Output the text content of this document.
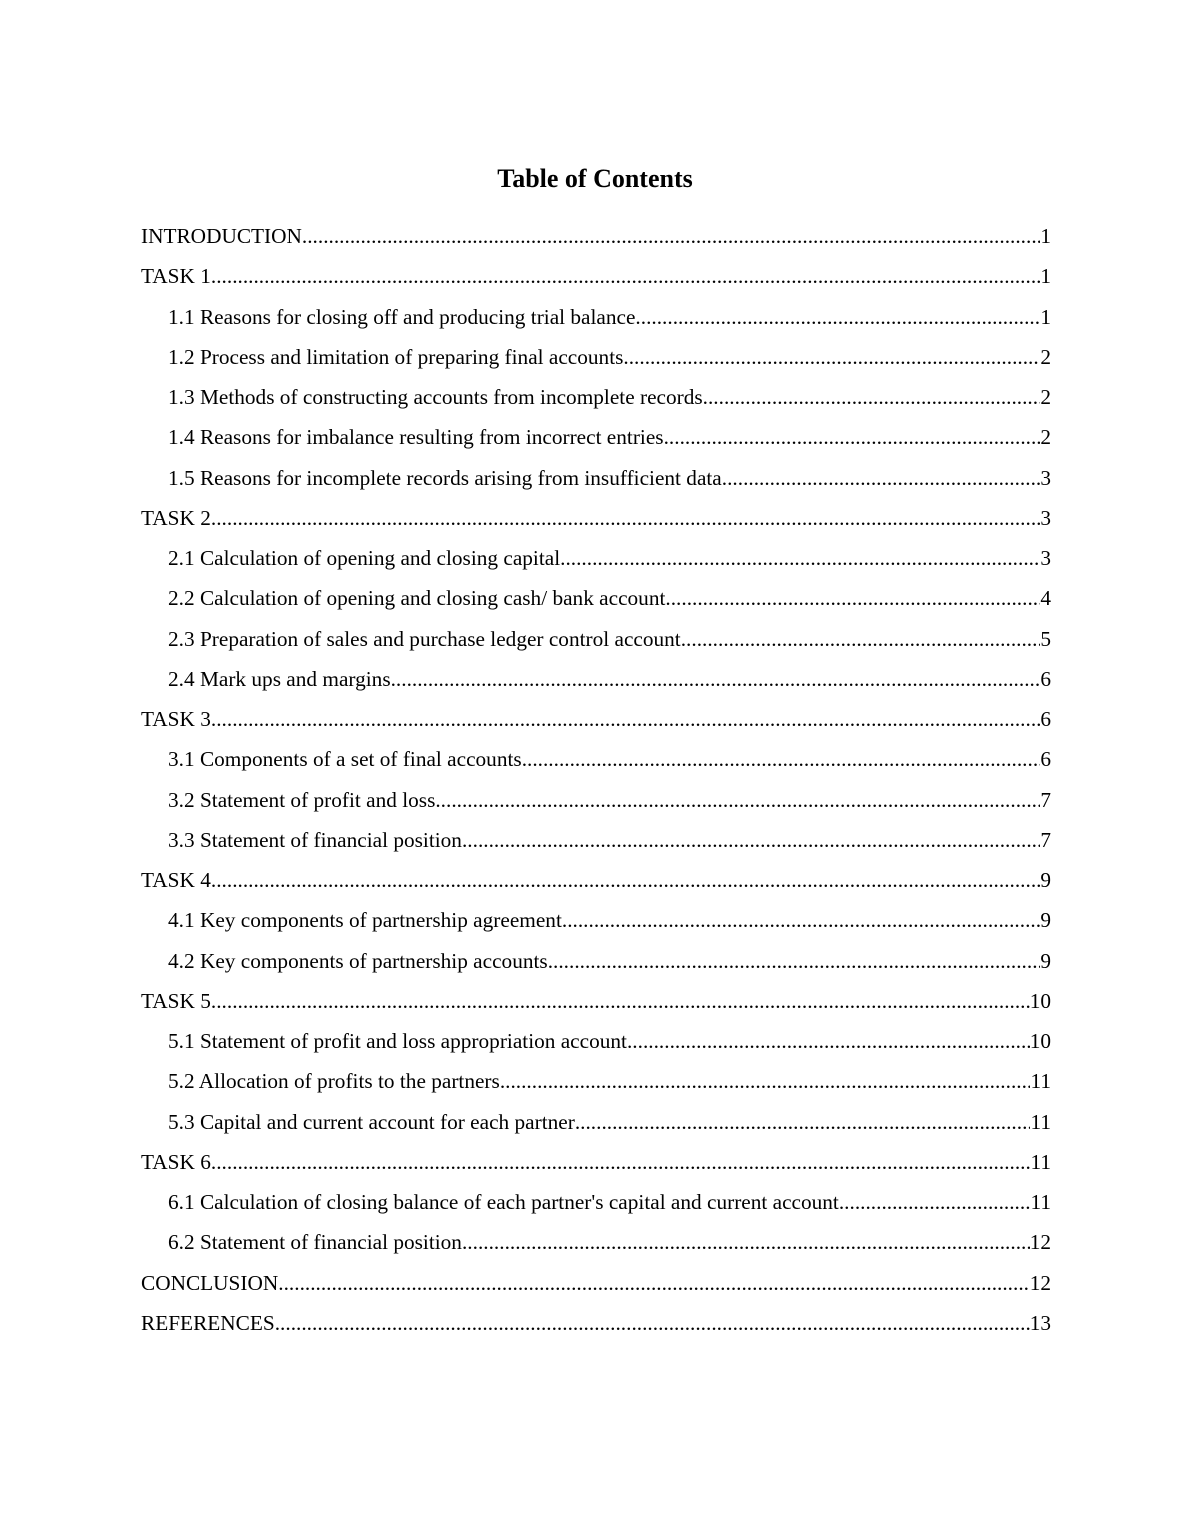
Table of Contents
INTRODUCTION .....	1
TASK 1 .....	1
1.1 Reasons for closing off and producing trial balance .....	1
1.2 Process and limitation of preparing final accounts .....	2
1.3 Methods of constructing accounts from incomplete records .....	2
1.4 Reasons for imbalance resulting from incorrect entries .....	2
1.5 Reasons for incomplete records arising from insufficient data .....	3
TASK 2 .....	3
2.1 Calculation of opening and closing capital .....	3
2.2 Calculation of opening and closing cash/ bank account .....	4
2.3 Preparation of sales and purchase ledger control account .....	5
2.4 Mark ups and margins .....	6
TASK 3 .....	6
3.1 Components of a set of final accounts .....	6
3.2 Statement of profit and loss .....	7
3.3 Statement of financial position .....	7
TASK 4 .....	9
4.1 Key components of partnership agreement .....	9
4.2 Key components of partnership accounts .....	9
TASK 5 .....	10
5.1 Statement of profit and loss appropriation account .....	10
5.2 Allocation of profits to the partners .....	11
5.3 Capital and current account for each partner .....	11
TASK 6 .....	11
6.1 Calculation of closing balance of each partner's capital and current account .....	11
6.2 Statement of financial position .....	12
CONCLUSION .....	12
REFERENCES .....	13
